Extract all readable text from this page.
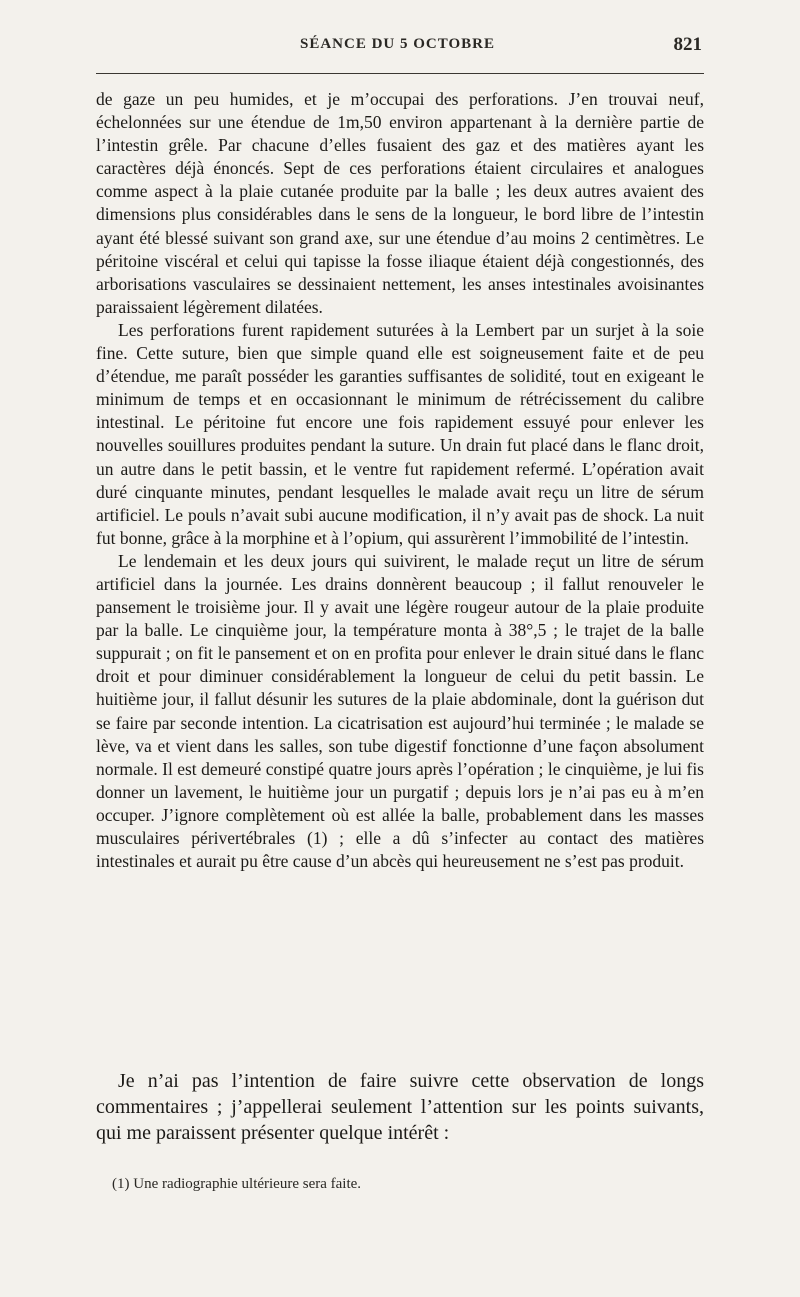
SÉANCE DU 5 OCTOBRE	821

de gaze un peu humides, et je m’occupai des perforations. J’en trouvai neuf, échelonnées sur une étendue de 1m,50 environ appartenant à la dernière partie de l’intestin grêle. Par chacune d’elles fusaient des gaz et des matières ayant les caractères déjà énoncés. Sept de ces perforations étaient circulaires et analogues comme aspect à la plaie cutanée produite par la balle ; les deux autres avaient des dimensions plus considérables dans le sens de la longueur, le bord libre de l’intestin ayant été blessé suivant son grand axe, sur une étendue d’au moins 2 centimètres. Le péritoine viscéral et celui qui tapisse la fosse iliaque étaient déjà congestionnés, des arborisations vasculaires se dessinaient nettement, les anses intestinales avoisinantes paraissaient légèrement dilatées.

Les perforations furent rapidement suturées à la Lembert par un surjet à la soie fine. Cette suture, bien que simple quand elle est soigneusement faite et de peu d’étendue, me paraît posséder les garanties suffisantes de solidité, tout en exigeant le minimum de temps et en occasionnant le minimum de rétrécissement du calibre intestinal. Le péritoine fut encore une fois rapidement essuyé pour enlever les nouvelles souillures produites pendant la suture. Un drain fut placé dans le flanc droit, un autre dans le petit bassin, et le ventre fut rapidement refermé. L’opération avait duré cinquante minutes, pendant lesquelles le malade avait reçu un litre de sérum artificiel. Le pouls n’avait subi aucune modification, il n’y avait pas de shock. La nuit fut bonne, grâce à la morphine et à l’opium, qui assurèrent l’immobilité de l’intestin.

Le lendemain et les deux jours qui suivirent, le malade reçut un litre de sérum artificiel dans la journée. Les drains donnèrent beaucoup ; il fallut renouveler le pansement le troisième jour. Il y avait une légère rougeur autour de la plaie produite par la balle. Le cinquième jour, la température monta à 38°,5 ; le trajet de la balle suppurait ; on fit le pansement et on en profita pour enlever le drain situé dans le flanc droit et pour diminuer considérablement la longueur de celui du petit bassin. Le huitième jour, il fallut désunir les sutures de la plaie abdominale, dont la guérison dut se faire par seconde intention. La cicatrisation est aujourd’hui terminée ; le malade se lève, va et vient dans les salles, son tube digestif fonctionne d’une façon absolument normale. Il est demeuré constipé quatre jours après l’opération ; le cinquième, je lui fis donner un lavement, le huitième jour un purgatif ; depuis lors je n’ai pas eu à m’en occuper. J’ignore complètement où est allée la balle, probablement dans les masses musculaires périvertébrales (1) ; elle a dû s’infecter au contact des matières intestinales et aurait pu être cause d’un abcès qui heureusement ne s’est pas produit.

Je n’ai pas l’intention de faire suivre cette observation de longs commentaires ; j’appellerai seulement l’attention sur les points suivants, qui me paraissent présenter quelque intérêt :

(1) Une radiographie ultérieure sera faite.
